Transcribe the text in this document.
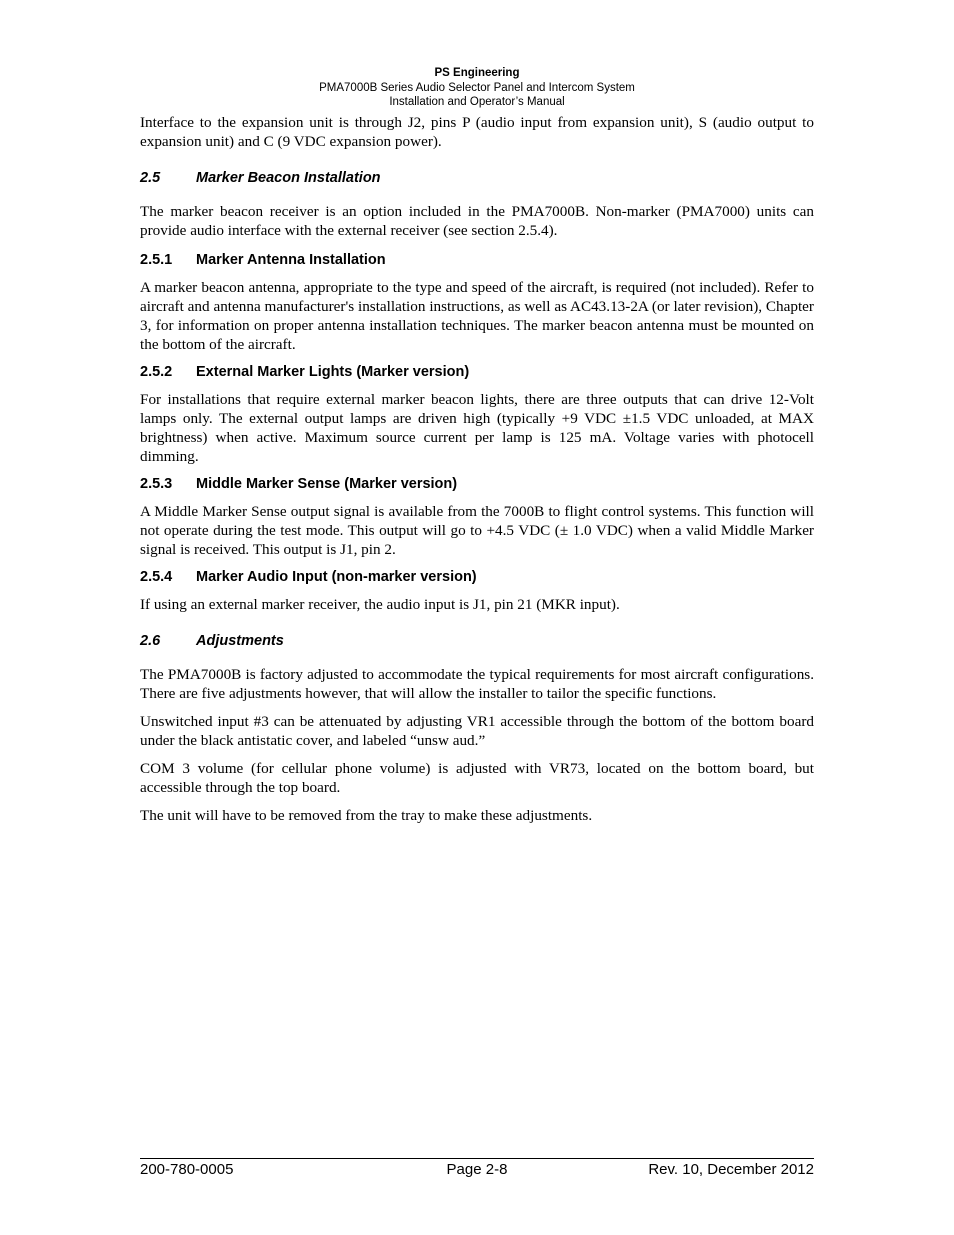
PS Engineering
PMA7000B Series Audio Selector Panel and Intercom System
Installation and Operator’s Manual

Interface to the expansion unit is through J2, pins P (audio input from expansion unit), S (audio output to expansion unit) and C (9 VDC expansion power).

2.5	Marker Beacon Installation

The marker beacon receiver is an option included in the PMA7000B. Non-marker (PMA7000) units can provide audio interface with the external receiver (see section 2.5.4).

2.5.1	Marker Antenna Installation

A marker beacon antenna, appropriate to the type and speed of the aircraft, is required (not included). Refer to aircraft and antenna manufacturer's installation instructions, as well as AC43.13-2A (or later revision), Chapter 3, for information on proper antenna installation techniques. The marker beacon antenna must be mounted on the bottom of the aircraft.

2.5.2	External Marker Lights (Marker version)

For installations that require external marker beacon lights, there are three outputs that can drive 12-Volt lamps only. The external output lamps are driven high (typically +9 VDC ±1.5 VDC unloaded, at MAX brightness) when active. Maximum source current per lamp is 125 mA. Voltage varies with photocell dimming.

2.5.3	Middle Marker Sense (Marker version)

A Middle Marker Sense output signal is available from the 7000B to flight control systems. This function will not operate during the test mode. This output will go to +4.5 VDC (± 1.0 VDC) when a valid Middle Marker signal is received. This output is J1, pin 2.

2.5.4	Marker Audio Input (non-marker version)

If using an external marker receiver, the audio input is J1, pin 21 (MKR input).

2.6	Adjustments

The PMA7000B is factory adjusted to accommodate the typical requirements for most aircraft configurations. There are five adjustments however, that will allow the installer to tailor the specific functions.

Unswitched input #3 can be attenuated by adjusting VR1 accessible through the bottom of the bottom board under the black antistatic cover, and labeled “unsw aud.”

COM 3 volume (for cellular phone volume) is adjusted with VR73, located on the bottom board, but accessible through the top board.

The unit will have to be removed from the tray to make these adjustments.

200-780-0005	Page 2-8	Rev. 10, December 2012
